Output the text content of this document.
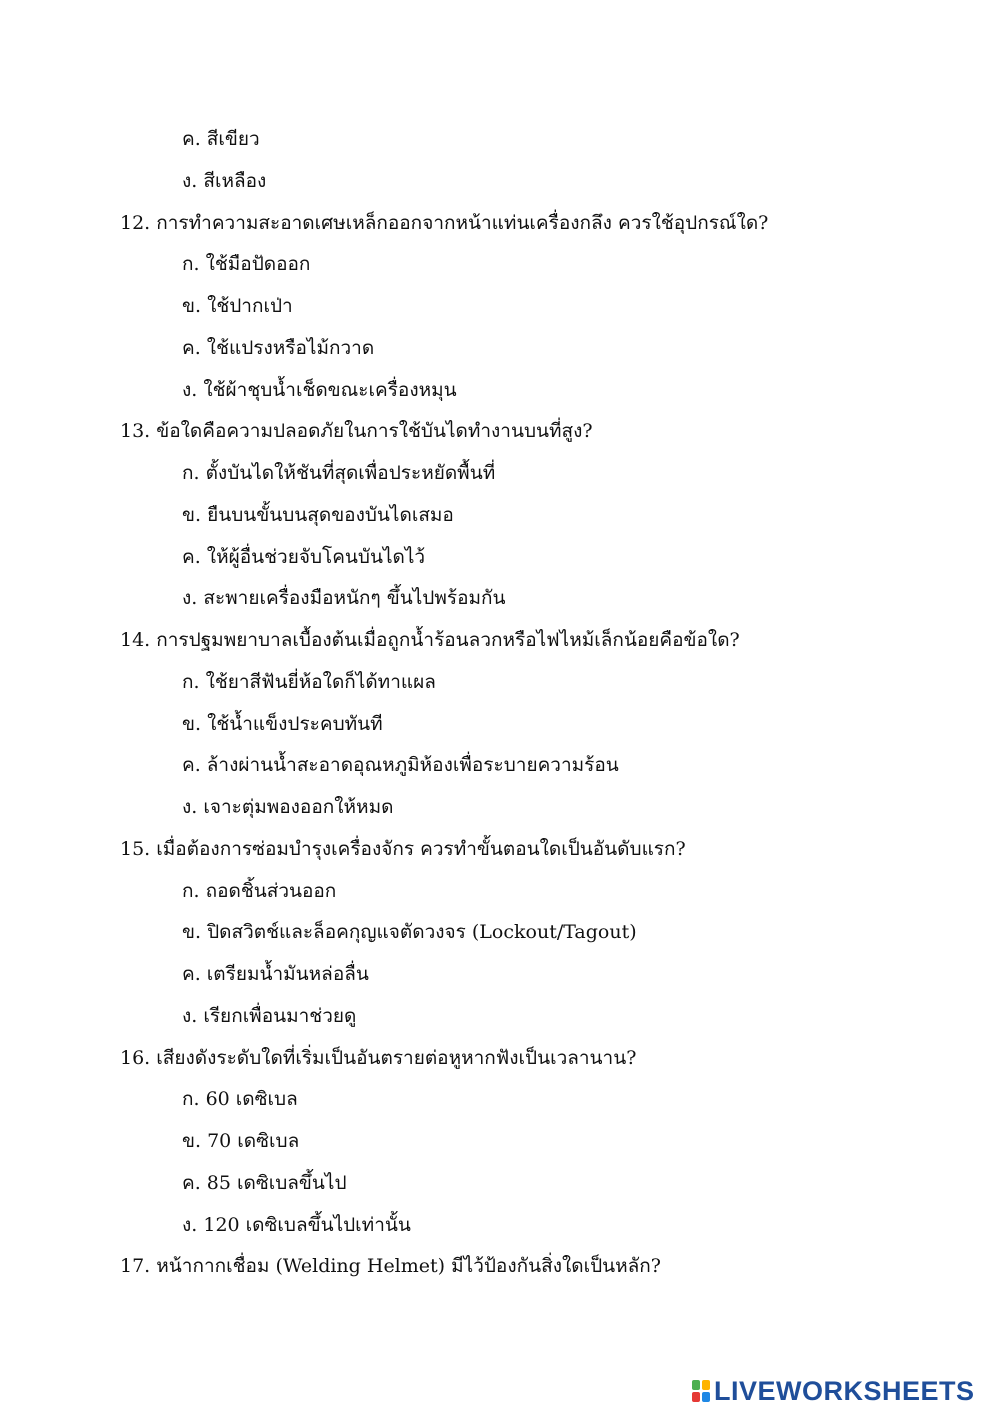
ค. สีเขียว
ง. สีเหลือง
12. การทำความสะอาดเศษเหล็กออกจากหน้าแท่นเครื่องกลึง ควรใช้อุปกรณ์ใด?
ก. ใช้มือปัดออก
ข. ใช้ปากเป่า
ค. ใช้แปรงหรือไม้กวาด
ง. ใช้ผ้าชุบน้ำเช็ดขณะเครื่องหมุน
13. ข้อใดคือความปลอดภัยในการใช้บันไดทำงานบนที่สูง?
ก. ตั้งบันไดให้ชันที่สุดเพื่อประหยัดพื้นที่
ข. ยืนบนขั้นบนสุดของบันไดเสมอ
ค. ให้ผู้อื่นช่วยจับโคนบันไดไว้
ง. สะพายเครื่องมือหนักๆ ขึ้นไปพร้อมกัน
14. การปฐมพยาบาลเบื้องต้นเมื่อถูกน้ำร้อนลวกหรือไฟไหม้เล็กน้อยคือข้อใด?
ก. ใช้ยาสีฟันยี่ห้อใดก็ได้ทาแผล
ข. ใช้น้ำแข็งประคบทันที
ค. ล้างผ่านน้ำสะอาดอุณหภูมิห้องเพื่อระบายความร้อน
ง. เจาะตุ่มพองออกให้หมด
15. เมื่อต้องการซ่อมบำรุงเครื่องจักร ควรทำขั้นตอนใดเป็นอันดับแรก?
ก. ถอดชิ้นส่วนออก
ข. ปิดสวิตช์และล็อคกุญแจตัดวงจร (Lockout/Tagout)
ค. เตรียมน้ำมันหล่อลื่น
ง. เรียกเพื่อนมาช่วยดู
16. เสียงดังระดับใดที่เริ่มเป็นอันตรายต่อหูหากฟังเป็นเวลานาน?
ก. 60 เดซิเบล
ข. 70 เดซิเบล
ค. 85 เดซิเบลขึ้นไป
ง. 120 เดซิเบลขึ้นไปเท่านั้น
17. หน้ากากเชื่อม (Welding Helmet) มีไว้ป้องกันสิ่งใดเป็นหลัก?
LIVEWORKSHEETS
